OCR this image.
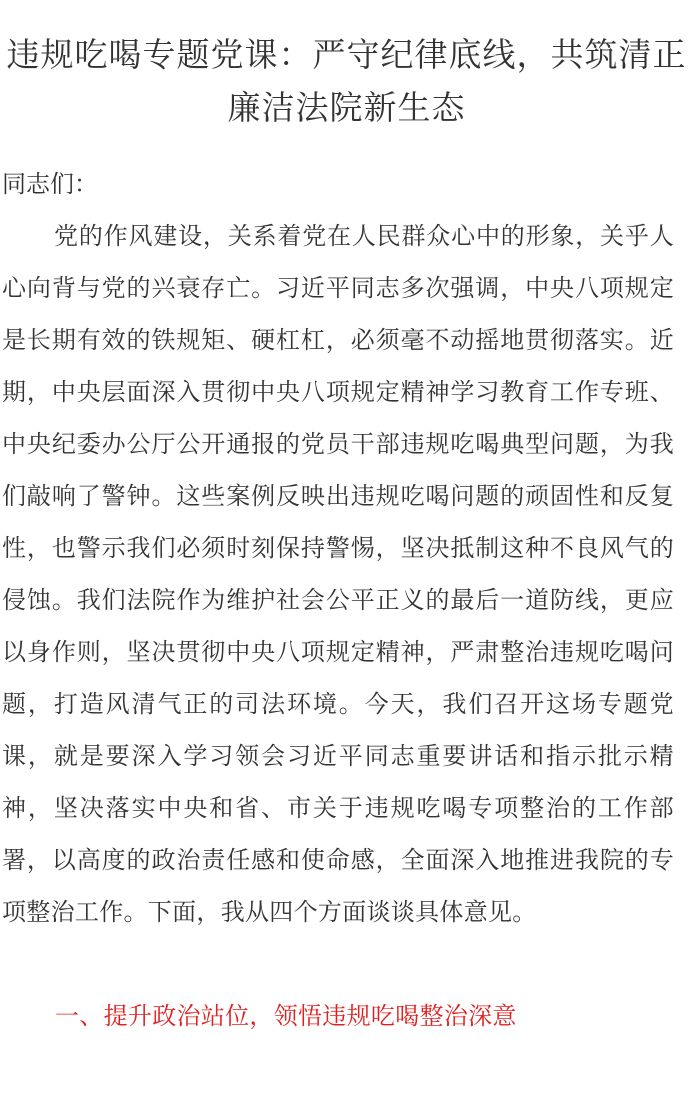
违规吃喝专题党课：严守纪律底线，共筑清正廉洁法院新生态

同志们：

党的作风建设，关系着党在人民群众心中的形象，关乎人心向背与党的兴衰存亡。习近平同志多次强调，中央八项规定是长期有效的铁规矩、硬杠杠，必须毫不动摇地贯彻落实。近期，中央层面深入贯彻中央八项规定精神学习教育工作专班、中央纪委办公厅公开通报的党员干部违规吃喝典型问题，为我们敲响了警钟。这些案例反映出违规吃喝问题的顽固性和反复性，也警示我们必须时刻保持警惕，坚决抵制这种不良风气的侵蚀。我们法院作为维护社会公平正义的最后一道防线，更应以身作则，坚决贯彻中央八项规定精神，严肃整治违规吃喝问题，打造风清气正的司法环境。今天，我们召开这场专题党课，就是要深入学习领会习近平同志重要讲话和指示批示精神，坚决落实中央和省、市关于违规吃喝专项整治的工作部署，以高度的政治责任感和使命感，全面深入地推进我院的专项整治工作。下面，我从四个方面谈谈具体意见。

一、提升政治站位，领悟违规吃喝整治深意
